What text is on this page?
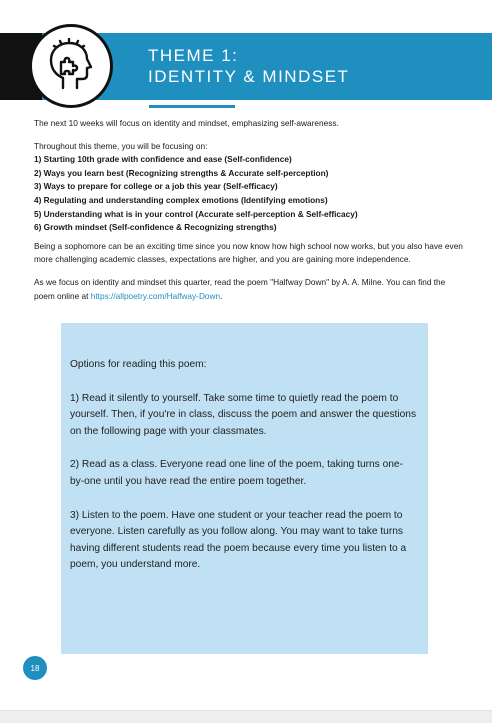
THEME 1:
IDENTITY & MINDSET

The next 10 weeks will focus on identity and mindset, emphasizing self-awareness.

Throughout this theme, you will be focusing on:

1) Starting 10th grade with confidence and ease (Self-confidence)

2) Ways you learn best (Recognizing strengths & Accurate self-perception)

3) Ways to prepare for college or a job this year (Self-efficacy)

4) Regulating and understanding complex emotions (Identifying emotions)

5) Understanding what is in your control (Accurate self-perception & Self-efficacy)

6) Growth mindset (Self-confidence & Recognizing strengths)

Being a sophomore can be an exciting time since you now know how high school now works, but you also have even more challenging academic classes, expectations are higher, and you are gaining more independence.

As we focus on identity and mindset this quarter, read the poem "Halfway Down" by A. A. Milne. You can find the poem online at https://allpoetry.com/Halfway-Down.

Options for reading this poem:

1) Read it silently to yourself. Take some time to quietly read the poem to yourself. Then, if you're in class, discuss the poem and answer the questions on the following page with your classmates.

2) Read as a class. Everyone read one line of the poem, taking turns one-by-one until you have read the entire poem together.

3) Listen to the poem. Have one student or your teacher read the poem to everyone. Listen carefully as you follow along. You may want to take turns having different students read the poem because every time you listen to a poem, you understand more.

18
